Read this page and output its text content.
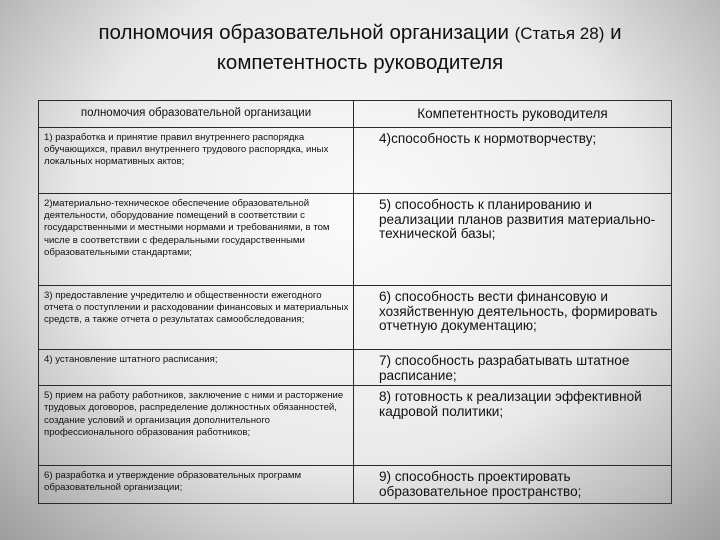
полномочия образовательной организации (Статья 28) и
компетентность руководителя
полномочия образовательной организации	Компетентность руководителя
1) разработка и принятие правил внутреннего распорядка обучающихся, правил внутреннего трудового распорядка, иных локальных нормативных актов;	4)способность к нормотворчеству;
2)материально-техническое обеспечение образовательной деятельности, оборудование помещений в соответствии с государственными и местными нормами и требованиями, в том числе в соответствии с федеральными государственными образовательными стандартами;	5) способность к планированию и реализации планов развития материально-технической базы;
3) предоставление учредителю и общественности ежегодного отчета о поступлении и расходовании финансовых и материальных средств, а также отчета о результатах самообследования;	6) способность вести финансовую и хозяйственную деятельность, формировать отчетную документацию;
4) установление штатного расписания;	7) способность разрабатывать штатное расписание;
5) прием на работу работников, заключение с ними и расторжение трудовых договоров, распределение должностных обязанностей, создание условий и организация дополнительного профессионального образования работников;	8) готовность к реализации эффективной кадровой политики;
6) разработка и утверждение образовательных программ образовательной организации;	9) способность проектировать образовательное пространство;
